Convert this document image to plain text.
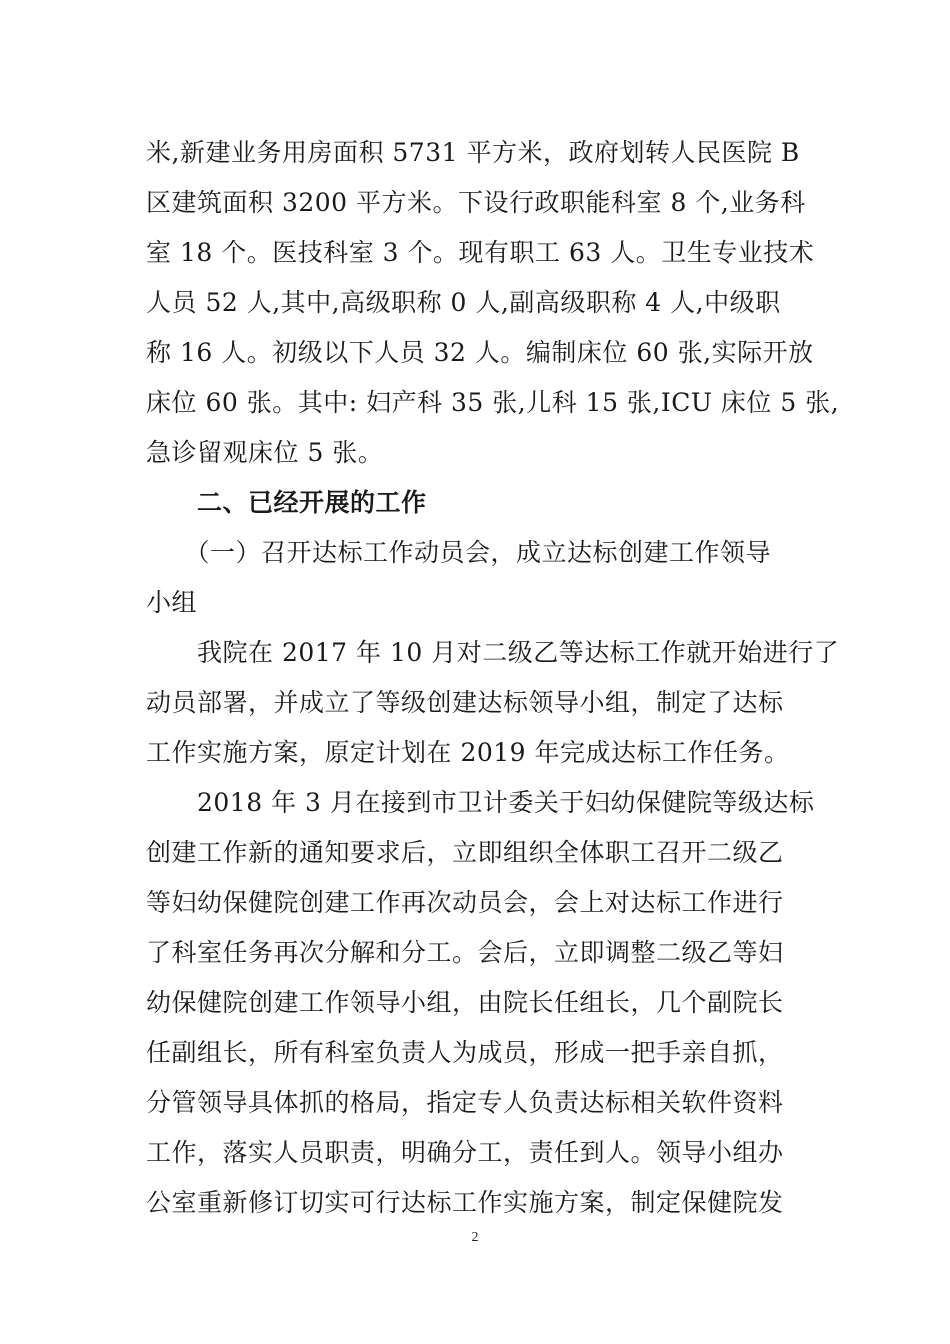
米,新建业务用房面积 5731 平方米，政府划转人民医院 B
区建筑面积 3200 平方米。下设行政职能科室 8 个,业务科
室 18 个。医技科室 3 个。现有职工 63 人。卫生专业技术
人员 52 人,其中,高级职称 0 人,副高级职称 4 人,中级职
称 16 人。初级以下人员 32 人。编制床位 60 张,实际开放
床位 60 张。其中: 妇产科 35 张,儿科 15 张,ICU 床位 5 张,
急诊留观床位 5 张。
　　二、已经开展的工作
　　（一）召开达标工作动员会，成立达标创建工作领导
小组
　　我院在 2017 年 10 月对二级乙等达标工作就开始进行了
动员部署，并成立了等级创建达标领导小组，制定了达标
工作实施方案，原定计划在 2019 年完成达标工作任务。
　　2018 年 3 月在接到市卫计委关于妇幼保健院等级达标
创建工作新的通知要求后，立即组织全体职工召开二级乙
等妇幼保健院创建工作再次动员会，会上对达标工作进行
了科室任务再次分解和分工。会后，立即调整二级乙等妇
幼保健院创建工作领导小组，由院长任组长，几个副院长
任副组长，所有科室负责人为成员，形成一把手亲自抓，
分管领导具体抓的格局，指定专人负责达标相关软件资料
工作，落实人员职责，明确分工，责任到人。领导小组办
公室重新修订切实可行达标工作实施方案，制定保健院发
2
